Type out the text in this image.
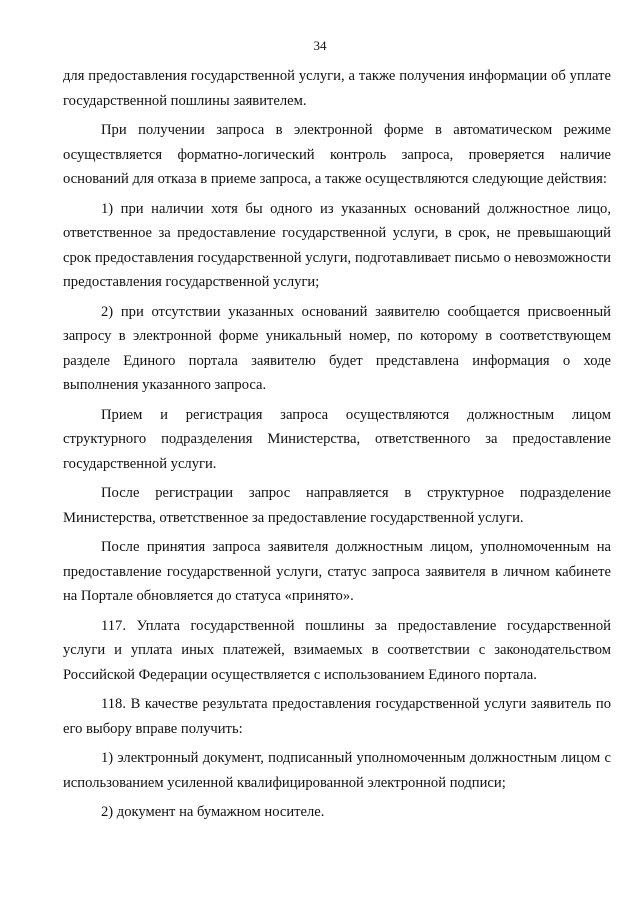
34

для предоставления государственной услуги, а также получения информации об уплате государственной пошлины заявителем.

При получении запроса в электронной форме в автоматическом режиме осуществляется форматно-логический контроль запроса, проверяется наличие оснований для отказа в приеме запроса, а также осуществляются следующие действия:

1) при наличии хотя бы одного из указанных оснований должностное лицо, ответственное за предоставление государственной услуги, в срок, не превышающий срок предоставления государственной услуги, подготавливает письмо о невозможности предоставления государственной услуги;

2) при отсутствии указанных оснований заявителю сообщается присвоенный запросу в электронной форме уникальный номер, по которому в соответствующем разделе Единого портала заявителю будет представлена информация о ходе выполнения указанного запроса.

Прием и регистрация запроса осуществляются должностным лицом структурного подразделения Министерства, ответственного за предоставление государственной услуги.

После регистрации запрос направляется в структурное подразделение Министерства, ответственное за предоставление государственной услуги.

После принятия запроса заявителя должностным лицом, уполномоченным на предоставление государственной услуги, статус запроса заявителя в личном кабинете на Портале обновляется до статуса «принято».

117. Уплата государственной пошлины за предоставление государственной услуги и уплата иных платежей, взимаемых в соответствии с законодательством Российской Федерации осуществляется с использованием Единого портала.

118. В качестве результата предоставления государственной услуги заявитель по его выбору вправе получить:

1) электронный документ, подписанный уполномоченным должностным лицом с использованием усиленной квалифицированной электронной подписи;

2) документ на бумажном носителе.
